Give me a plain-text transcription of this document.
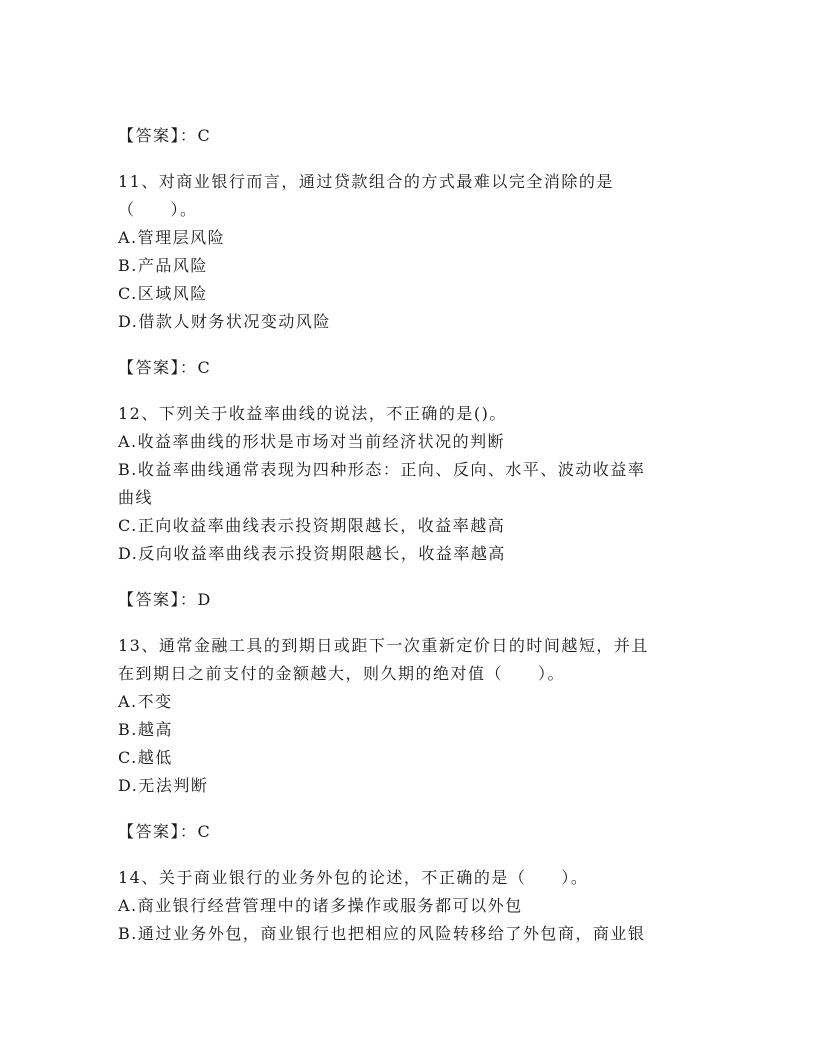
【答案】：C
11、对商业银行而言，通过贷款组合的方式最难以完全消除的是
（　　）。
A.管理层风险
B.产品风险
C.区域风险
D.借款人财务状况变动风险
【答案】：C
12、下列关于收益率曲线的说法，不正确的是()。
A.收益率曲线的形状是市场对当前经济状况的判断
B.收益率曲线通常表现为四种形态：正向、反向、水平、波动收益率
曲线
C.正向收益率曲线表示投资期限越长，收益率越高
D.反向收益率曲线表示投资期限越长，收益率越高
【答案】：D
13、通常金融工具的到期日或距下一次重新定价日的时间越短，并且
在到期日之前支付的金额越大，则久期的绝对值（　　）。
A.不变
B.越高
C.越低
D.无法判断
【答案】：C
14、关于商业银行的业务外包的论述，不正确的是（　　）。
A.商业银行经营管理中的诸多操作或服务都可以外包
B.通过业务外包，商业银行也把相应的风险转移给了外包商，商业银
